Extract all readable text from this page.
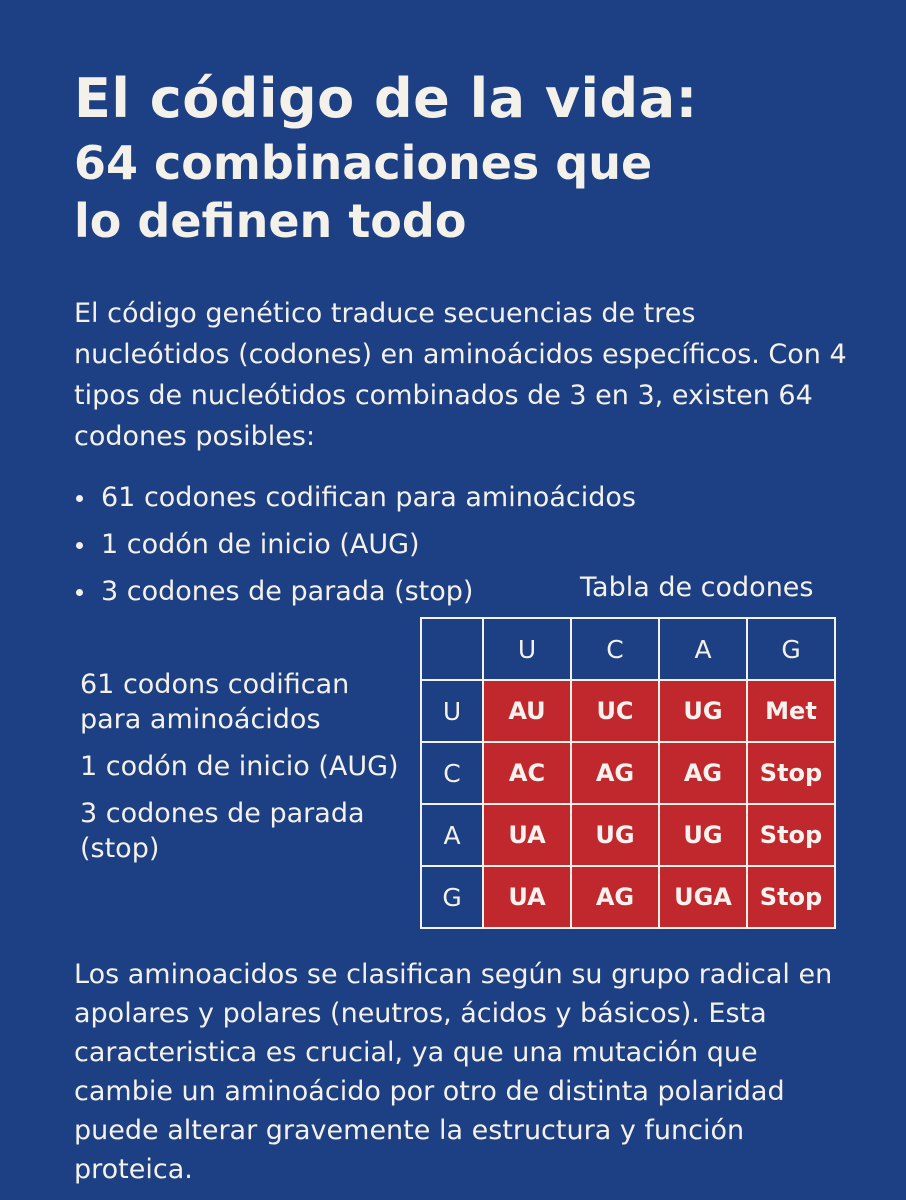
El código de la vida:
64 combinaciones que
lo definen todo

El código genético traduce secuencias de tres nucleótidos (codones) en aminoácidos específicos. Con 4 tipos de nucleótidos combinados de 3 en 3, existen 64 codones posibles:

61 codones codifican para aminoácidos
1 codón de inicio (AUG)
3 codones de parada (stop)	Tabla de codones
61 codons codifican para aminoácidos
1 codón de inicio (AUG)
3 codones de parada (stop)
	U	C	A	G
U	AU	UC	UG	Met
C	AC	AG	AG	Stop
A	UA	UG	UG	Stop
G	UA	AG	UGA	Stop

Los aminoacidos se clasifican según su grupo radical en apolares y polares (neutros, ácidos y básicos). Esta caracteristica es crucial, ya que una mutación que cambie un aminoácido por otro de distinta polaridad puede alterar gravemente la estructura y función proteica.
